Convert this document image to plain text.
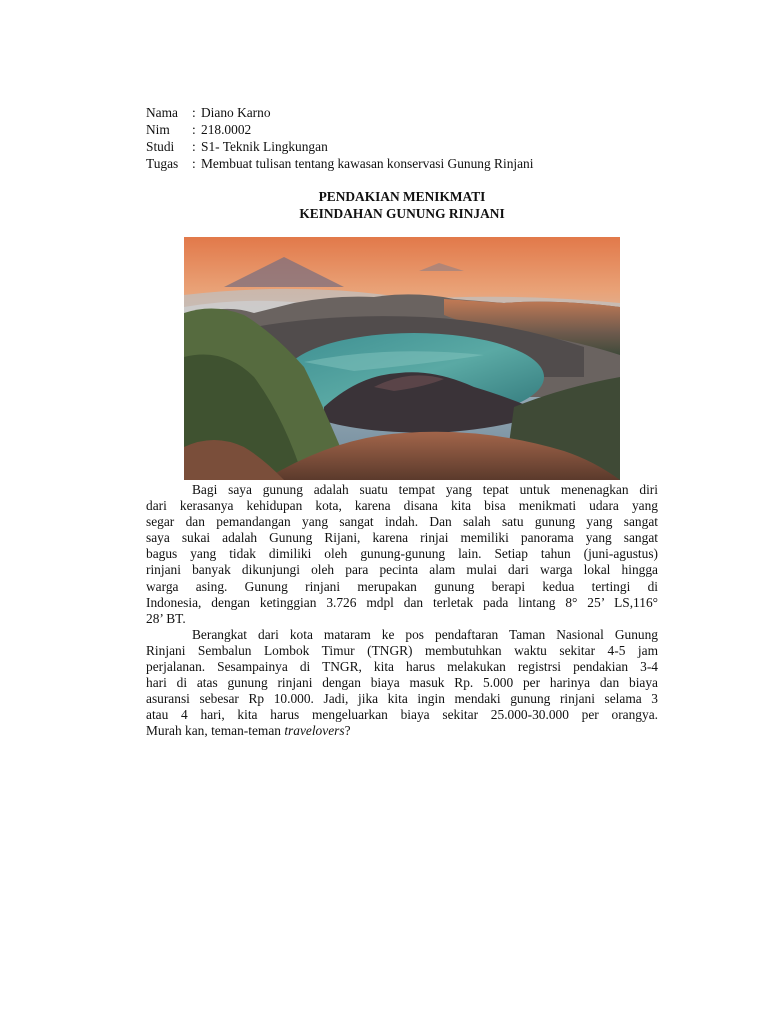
Nama	: Diano Karno
Nim	: 218.0002
Studi	: S1- Teknik Lingkungan
Tugas	: Membuat tulisan tentang kawasan konservasi Gunung Rinjani
PENDAKIAN MENIKMATI
KEINDAHAN GUNUNG RINJANI
Bagi saya gunung adalah suatu tempat yang tepat untuk menenagkan diri
dari kerasanya kehidupan kota, karena disana kita bisa menikmati udara yang
segar dan pemandangan yang sangat indah. Dan salah satu gunung yang sangat
saya sukai adalah Gunung Rijani, karena rinjai memiliki panorama yang sangat
bagus yang tidak dimiliki oleh gunung-gunung lain. Setiap tahun (juni-agustus)
rinjani banyak dikunjungi oleh para pecinta alam mulai dari warga lokal hingga
warga asing. Gunung rinjani merupakan gunung berapi kedua tertingi di
Indonesia, dengan ketinggian 3.726 mdpl dan terletak pada lintang 8° 25’ LS,116°
28’ BT.
Berangkat dari kota mataram ke pos pendaftaran Taman Nasional Gunung
Rinjani Sembalun Lombok Timur (TNGR) membutuhkan waktu sekitar 4-5 jam
perjalanan. Sesampainya di TNGR, kita harus melakukan registrsi pendakian 3-4
hari di atas gunung rinjani dengan biaya masuk Rp. 5.000 per harinya dan biaya
asuransi sebesar Rp 10.000. Jadi, jika kita ingin mendaki gunung rinjani selama 3
atau 4 hari, kita harus mengeluarkan biaya sekitar 25.000-30.000 per orangya.
Murah kan, teman-teman travelovers?
